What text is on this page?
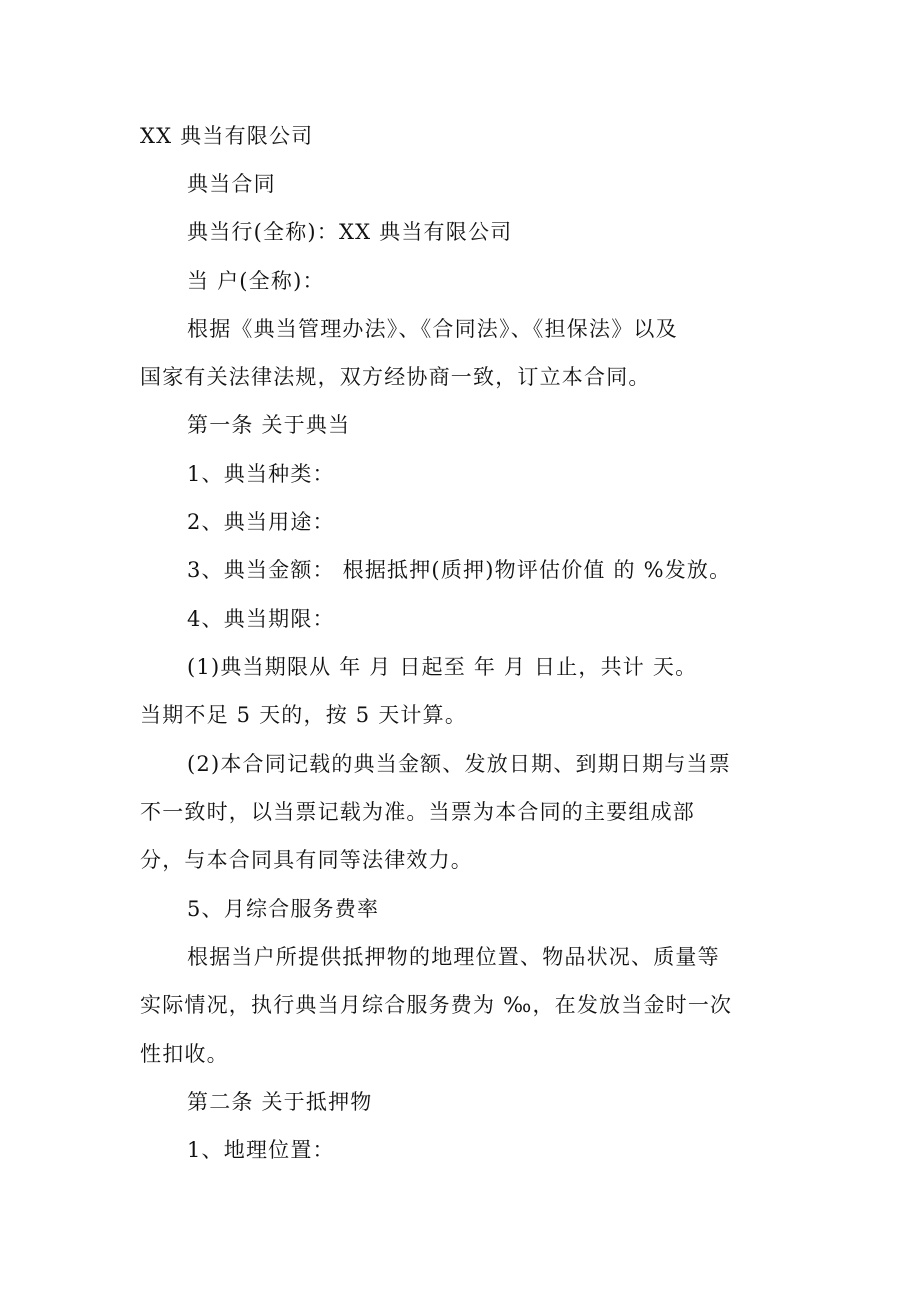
XX 典当有限公司

典当合同

典当行(全称)：XX 典当有限公司

当 户(全称)：

根据《典当管理办法》、《合同法》、《担保法》以及

国家有关法律法规，双方经协商一致，订立本合同。

第一条 关于典当

1、典当种类：

2、典当用途：

3、典当金额： 根据抵押(质押)物评估价值 的 %发放。

4、典当期限：

(1)典当期限从 年 月 日起至 年 月 日止，共计 天。

当期不足 5 天的，按 5 天计算。

(2)本合同记载的典当金额、发放日期、到期日期与当票

不一致时，以当票记载为准。当票为本合同的主要组成部

分，与本合同具有同等法律效力。

5、月综合服务费率

根据当户所提供抵押物的地理位置、物品状况、质量等

实际情况，执行典当月综合服务费为 ‰，在发放当金时一次

性扣收。

第二条 关于抵押物

1、地理位置：
